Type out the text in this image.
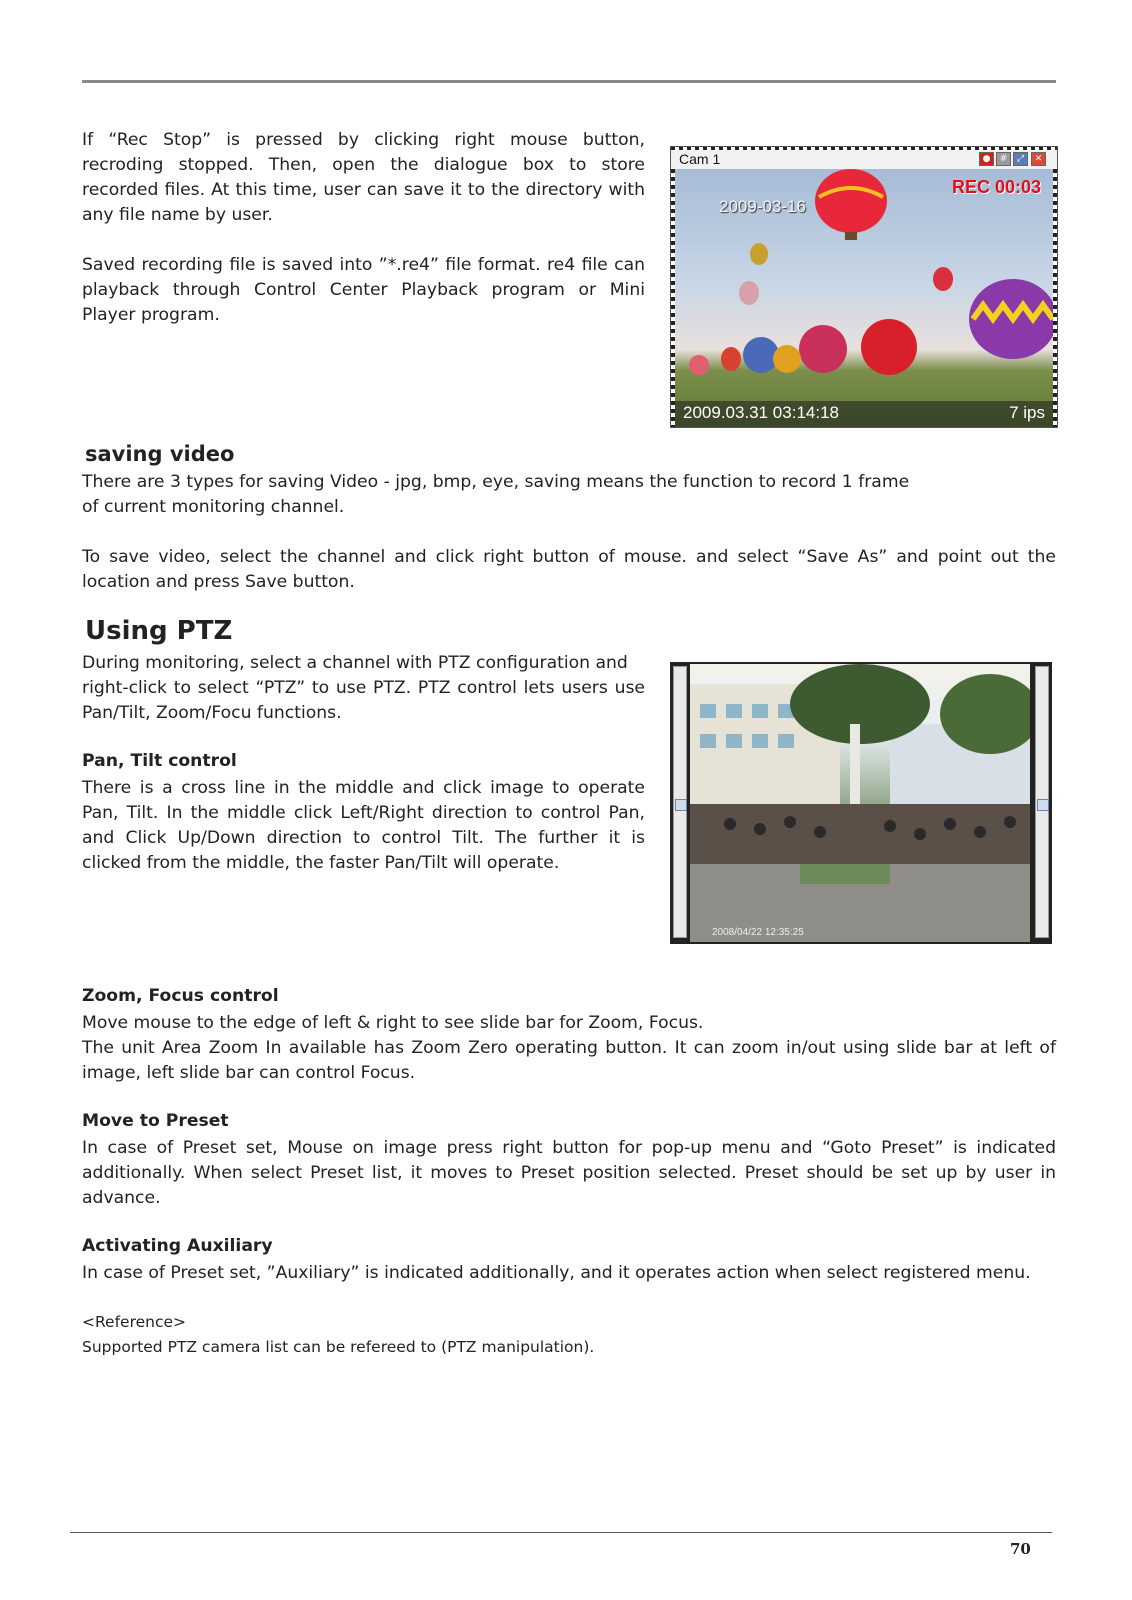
If “Rec Stop” is pressed by clicking right mouse button,
recroding stopped. Then, open the dialogue box to store
recorded files. At this time, user can save it to the directory with
any file name by user.
Saved recording file is saved into ”*.re4” file format. re4 file can
playback through Control Center Playback program or Mini
Player program.
Cam 1	●	#	⤢	✕
2009-03-16
REC 00:03
2009.03.31 03:14:18	7 ips
saving video
There are 3 types for saving Video - jpg, bmp, eye, saving means the function to record 1 frame
of current monitoring channel.
To save video, select the channel and click right button of mouse. and select “Save As” and point out the
location and press Save button.
Using PTZ
During monitoring, select a channel with PTZ configuration and
right-click to select “PTZ” to use PTZ. PTZ control lets users use
Pan/Tilt, Zoom/Focu functions.
Pan, Tilt control
There is a cross line in the middle and click image to operate
Pan, Tilt. In the middle click Left/Right direction to control Pan,
and Click Up/Down direction to control Tilt. The further it is
clicked from the middle, the faster Pan/Tilt will operate.
2008/04/22 12:35:25
Zoom, Focus control
Move mouse to the edge of left & right to see slide bar for Zoom, Focus.
The unit Area Zoom In available has Zoom Zero operating button. It can zoom in/out using slide bar at left of
image, left slide bar can control Focus.
Move to Preset
In case of Preset set, Mouse on image press right button for pop-up menu and “Goto Preset” is indicated
additionally. When select Preset list, it moves to Preset position selected. Preset should be set up by user in
advance.
Activating Auxiliary
In case of Preset set, ”Auxiliary” is indicated additionally, and it operates action when select registered menu.
<Reference>
Supported PTZ camera list can be refereed to (PTZ manipulation).
70
